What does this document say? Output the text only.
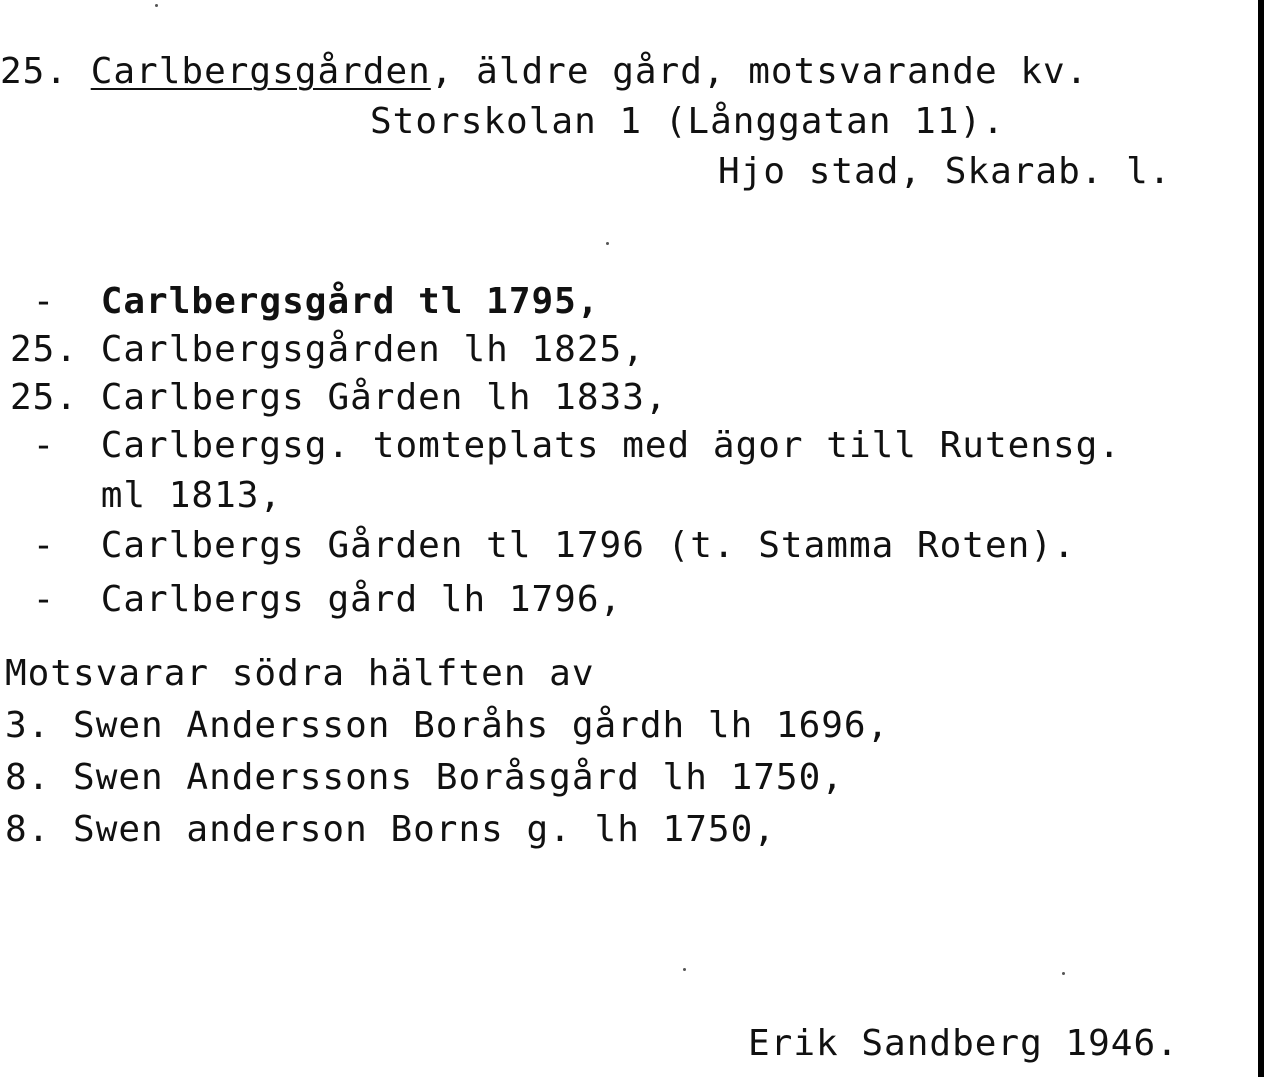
25. Carlbergsgården, äldre gård, motsvarande kv.
Storskolan 1 (Långgatan 11).
Hjo stad, Skarab. l.
-  Carlbergsgård tl 1795,
25. Carlbergsgården lh 1825,
25. Carlbergs Gården lh 1833,
-  Carlbergsg. tomteplats med ägor till Rutensg.
ml 1813,
-  Carlbergs Gården tl 1796 (t. Stamma Roten).
-  Carlbergs gård lh 1796,
Motsvarar södra hälften av
3. Swen Andersson Boråhs gårdh lh 1696,
8. Swen Anderssons Boråsgård lh 1750,
8. Swen anderson Borns g. lh 1750,
Erik Sandberg 1946.
